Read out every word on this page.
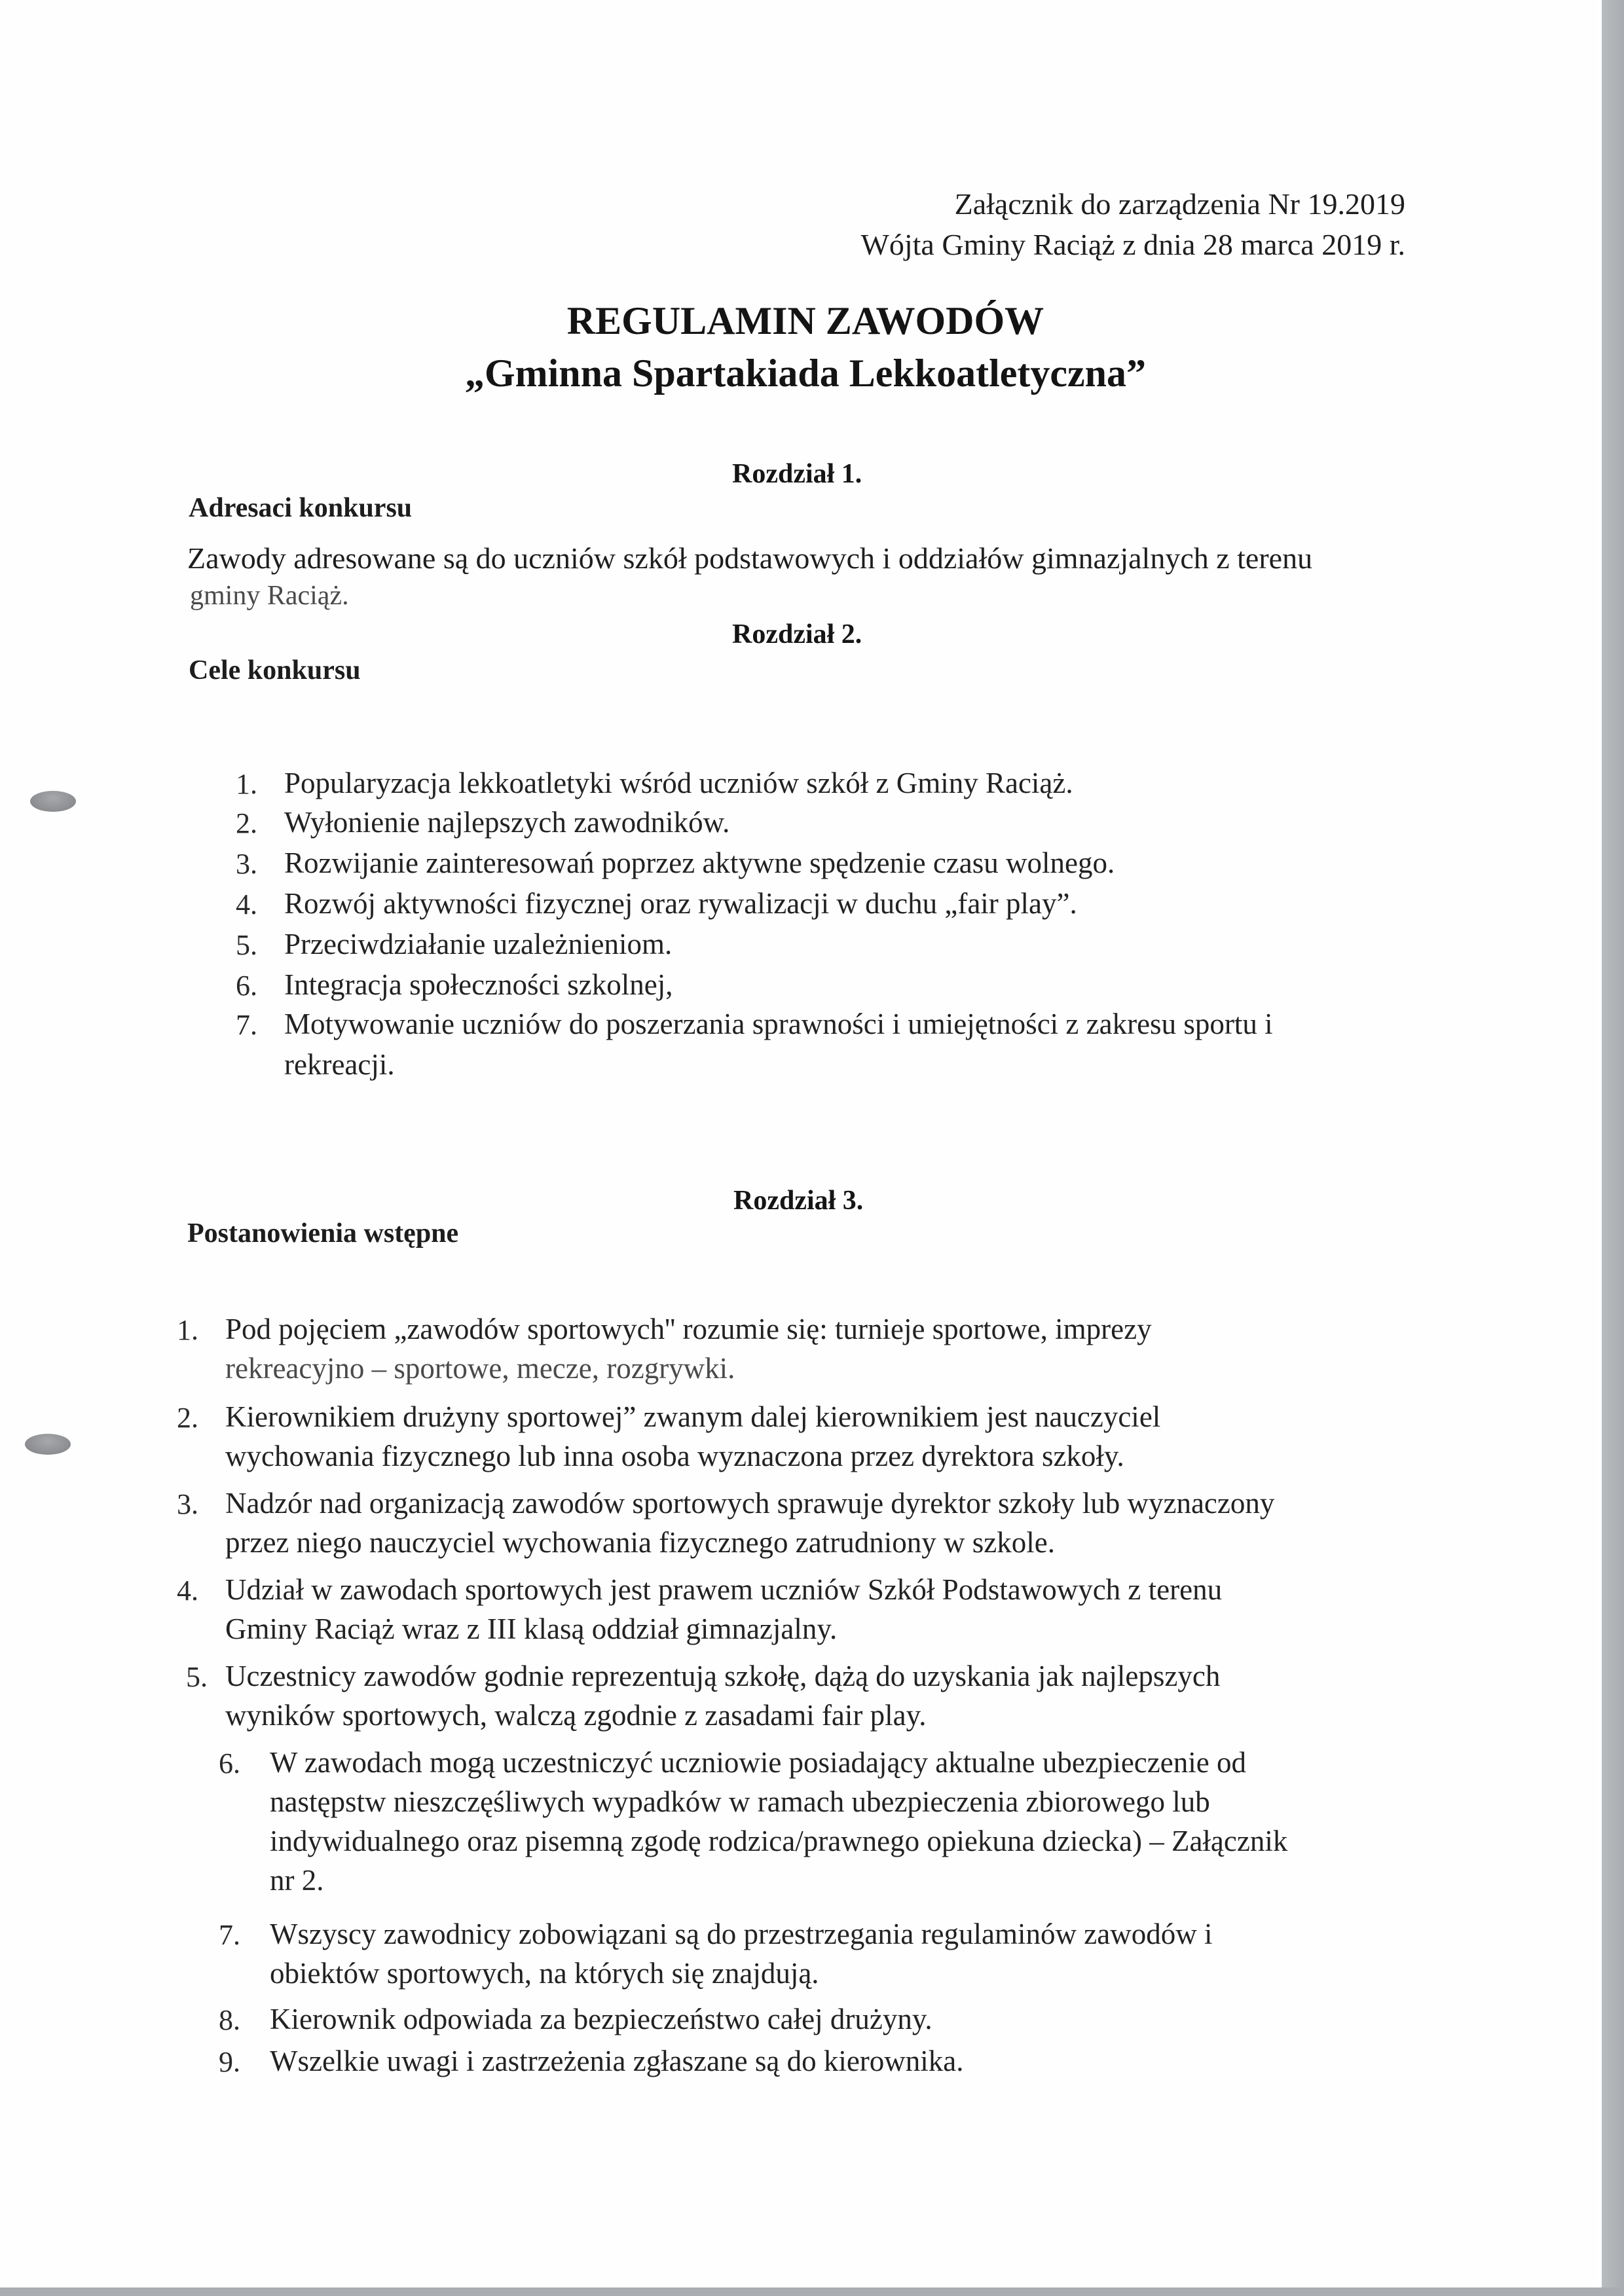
Załącznik do zarządzenia Nr 19.2019
Wójta Gminy Raciąż z dnia 28 marca 2019 r.
REGULAMIN ZAWODÓW
„Gminna Spartakiada Lekkoatletyczna”
Rozdział 1.
Adresaci konkursu
Zawody adresowane są do uczniów szkół podstawowych i oddziałów gimnazjalnych z terenu
gminy Raciąż.
Rozdział 2.
Cele konkursu
1. Popularyzacja lekkoatletyki wśród uczniów szkół z Gminy Raciąż.
2. Wyłonienie najlepszych zawodników.
3. Rozwijanie zainteresowań poprzez aktywne spędzenie czasu wolnego.
4. Rozwój aktywności fizycznej oraz rywalizacji w duchu „fair play”.
5. Przeciwdziałanie uzależnieniom.
6. Integracja społeczności szkolnej,
7. Motywowanie uczniów do poszerzania sprawności i umiejętności z zakresu sportu i
rekreacji.
Rozdział 3.
Postanowienia wstępne
1. Pod pojęciem „zawodów sportowych'' rozumie się: turnieje sportowe, imprezy
rekreacyjno – sportowe, mecze, rozgrywki.
2. Kierownikiem drużyny sportowej” zwanym dalej kierownikiem jest nauczyciel
wychowania fizycznego lub inna osoba wyznaczona przez dyrektora szkoły.
3. Nadzór nad organizacją zawodów sportowych sprawuje dyrektor szkoły lub wyznaczony
przez niego nauczyciel wychowania fizycznego zatrudniony w szkole.
4. Udział w zawodach sportowych jest prawem uczniów Szkół Podstawowych z terenu
Gminy Raciąż wraz z III klasą oddział gimnazjalny.
5. Uczestnicy zawodów godnie reprezentują szkołę, dążą do uzyskania jak najlepszych
wyników sportowych, walczą zgodnie z zasadami fair play.
6. W zawodach mogą uczestniczyć uczniowie posiadający aktualne ubezpieczenie od
następstw nieszczęśliwych wypadków w ramach ubezpieczenia zbiorowego lub
indywidualnego oraz pisemną zgodę rodzica/prawnego opiekuna dziecka) – Załącznik
nr 2.
7. Wszyscy zawodnicy zobowiązani są do przestrzegania regulaminów zawodów i
obiektów sportowych, na których się znajdują.
8. Kierownik odpowiada za bezpieczeństwo całej drużyny.
9. Wszelkie uwagi i zastrzeżenia zgłaszane są do kierownika.
